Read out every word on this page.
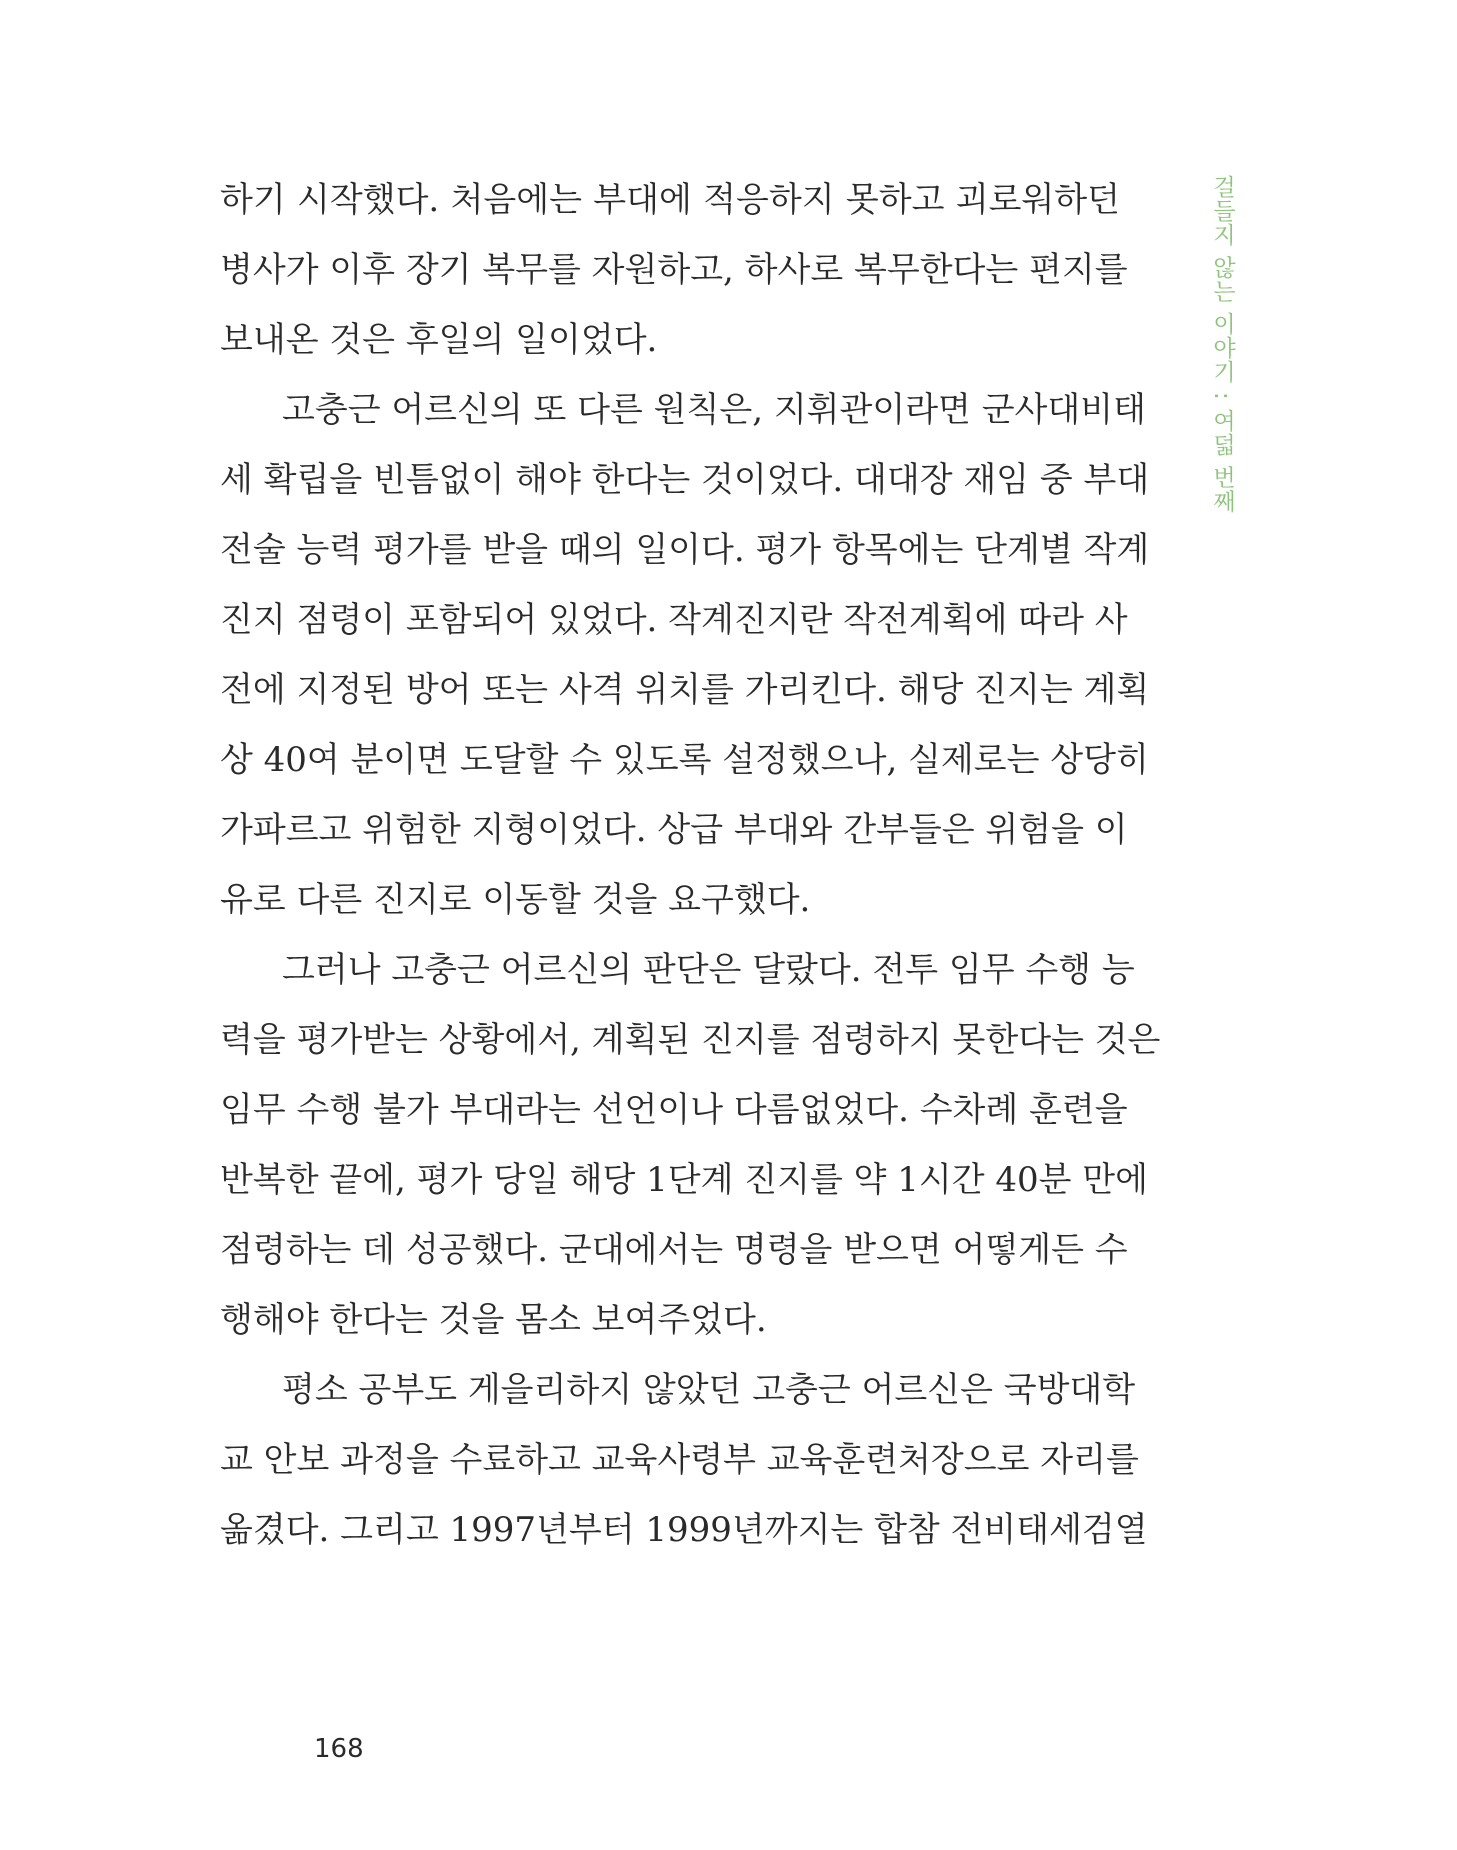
하기 시작했다. 처음에는 부대에 적응하지 못하고 괴로워하던
병사가 이후 장기 복무를 자원하고, 하사로 복무한다는 편지를
보내온 것은 후일의 일이었다.
고충근 어르신의 또 다른 원칙은, 지휘관이라면 군사대비태
세 확립을 빈틈없이 해야 한다는 것이었다. 대대장 재임 중 부대
전술 능력 평가를 받을 때의 일이다. 평가 항목에는 단계별 작계
진지 점령이 포함되어 있었다. 작계진지란 작전계획에 따라 사
전에 지정된 방어 또는 사격 위치를 가리킨다. 해당 진지는 계획
상 40여 분이면 도달할 수 있도록 설정했으나, 실제로는 상당히
가파르고 위험한 지형이었다. 상급 부대와 간부들은 위험을 이
유로 다른 진지로 이동할 것을 요구했다.
그러나 고충근 어르신의 판단은 달랐다. 전투 임무 수행 능
력을 평가받는 상황에서, 계획된 진지를 점령하지 못한다는 것은
임무 수행 불가 부대라는 선언이나 다름없었다. 수차례 훈련을
반복한 끝에, 평가 당일 해당 1단계 진지를 약 1시간 40분 만에
점령하는 데 성공했다. 군대에서는 명령을 받으면 어떻게든 수
행해야 한다는 것을 몸소 보여주었다.
평소 공부도 게을리하지 않았던 고충근 어르신은 국방대학
교 안보 과정을 수료하고 교육사령부 교육훈련처장으로 자리를
옮겼다. 그리고 1997년부터 1999년까지는 합참 전비태세검열
걸들지 않는 이야기 : 여덟 번째
168
